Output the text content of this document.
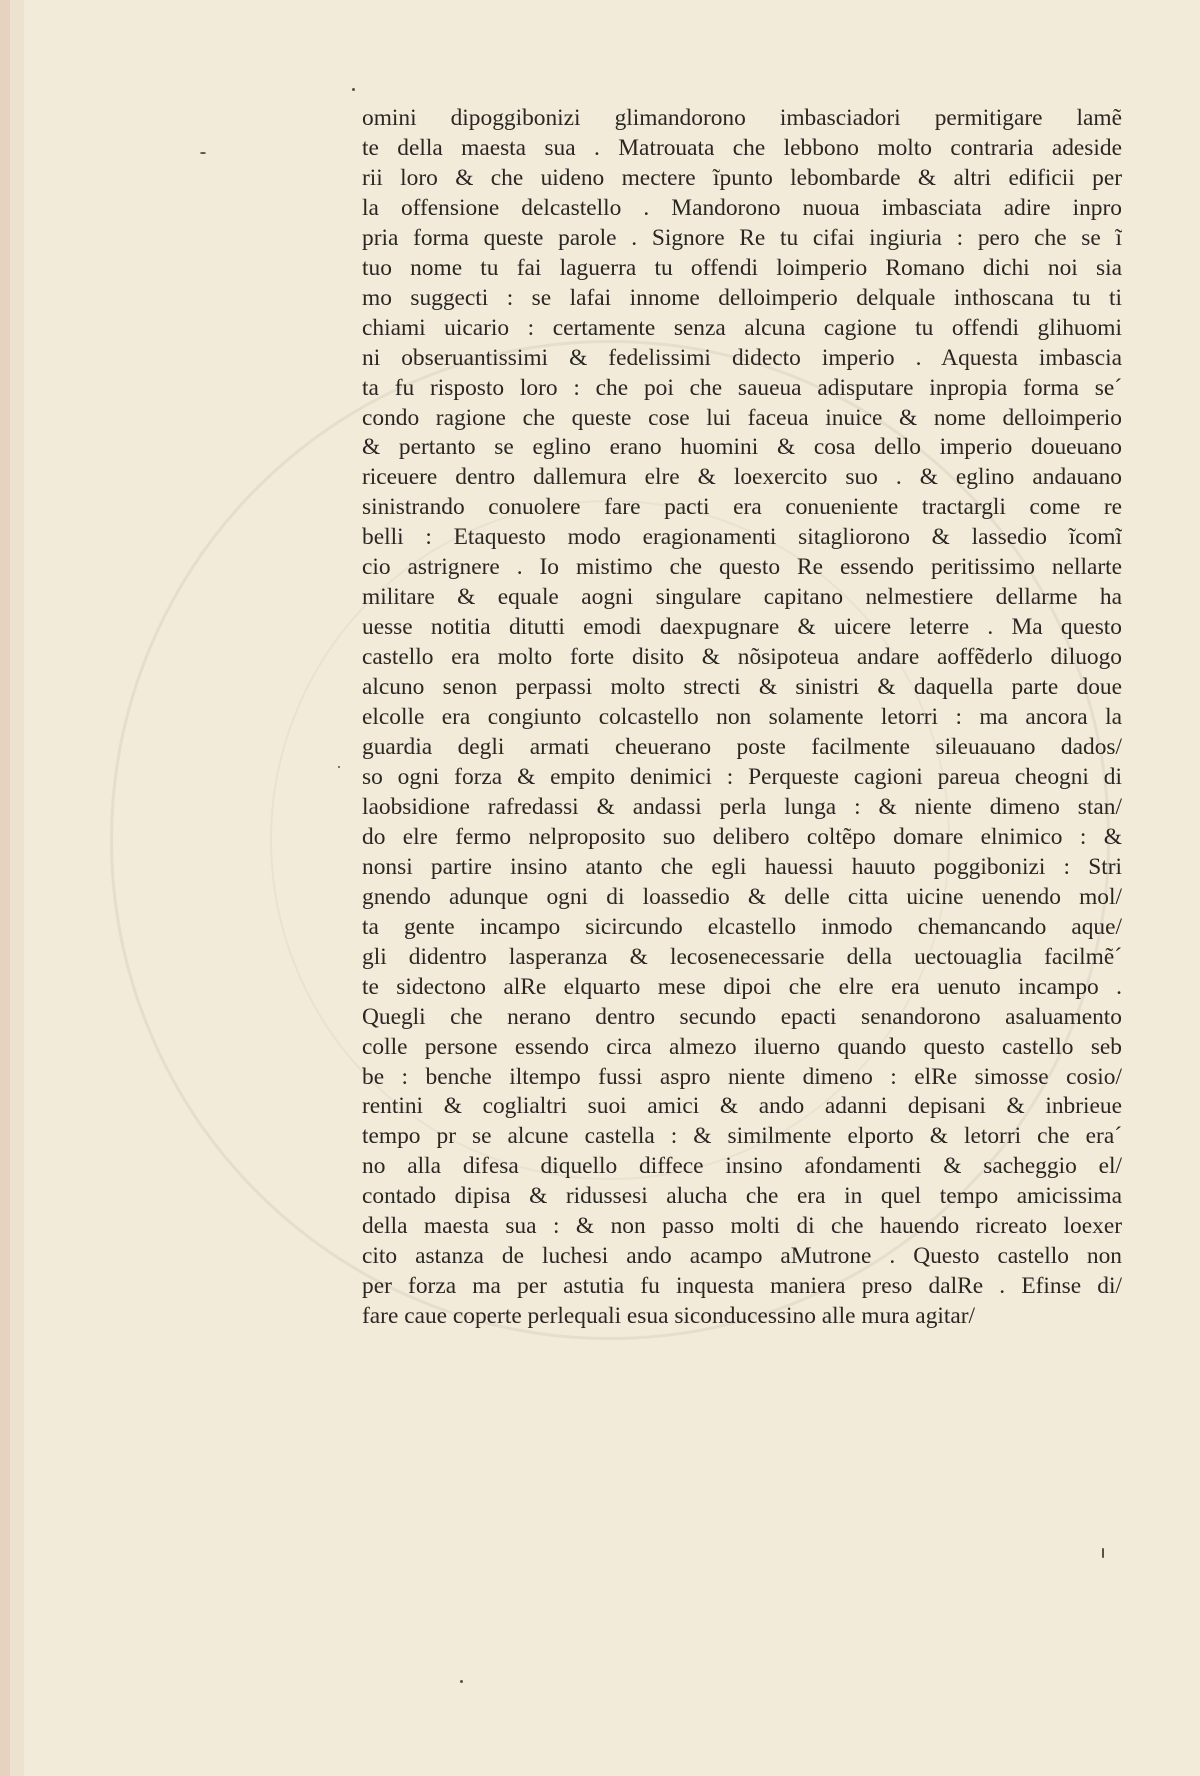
omini dipoggibonizi glimandorono imbasciadori permitigare lamẽ
te della maesta sua . Matrouata che lebbono molto contraria adeside
rii loro & che uideno mectere ĩpunto lebombarde & altri edificii per
la offensione delcastello . Mandorono nuoua imbasciata adire inpro
pria forma queste parole . Signore Re tu cifai ingiuria : pero che se ĩ
tuo nome tu fai laguerra tu offendi loimperio Romano dichi noi sia
mo suggecti : se lafai innome delloimperio delquale inthoscana tu ti
chiami uicario : certamente senza alcuna cagione tu offendi glihuomi
ni obseruantissimi & fedelissimi didecto imperio . Aquesta imbascia
ta fu risposto loro : che poi che saueua adisputare inpropia forma se´
condo ragione che queste cose lui faceua inuice & nome delloimperio
& pertanto se eglino erano huomini & cosa dello imperio doueuano
riceuere dentro dallemura elre & loexercito suo . & eglino andauano
sinistrando conuolere fare pacti era conueniente tractargli come re
belli : Etaquesto modo eragionamenti sitagliorono & lassedio ĩcomĩ
cio astrignere . Io mistimo che questo Re essendo peritissimo nellarte
militare & equale aogni singulare capitano nelmestiere dellarme ha
uesse notitia ditutti emodi daexpugnare & uicere leterre . Ma questo
castello era molto forte disito & nõsipoteua andare aoffẽderlo diluogo
alcuno senon perpassi molto strecti & sinistri & daquella parte doue
elcolle era congiunto colcastello non solamente letorri : ma ancora la
guardia degli armati cheuerano poste facilmente sileuauano dados/
so ogni forza & empito denimici : Perqueste cagioni pareua cheogni di
laobsidione rafredassi & andassi perla lunga : & niente dimeno stan/
do elre fermo nelproposito suo delibero coltẽpo domare elnimico : &
nonsi partire insino atanto che egli hauessi hauuto poggibonizi : Stri
gnendo adunque ogni di loassedio & delle citta uicine uenendo mol/
ta gente incampo sicircundo elcastello inmodo chemancando aque/
gli didentro lasperanza & lecosenecessarie della uectouaglia facilmẽ´
te sidectono alRe elquarto mese dipoi che elre era uenuto incampo .
Quegli che nerano dentro secundo epacti senandorono asaluamento
colle persone essendo circa almezo iluerno quando questo castello seb
be : benche iltempo fussi aspro niente dimeno : elRe simosse cosio/
rentini & coglialtri suoi amici & ando adanni depisani & inbrieue
tempo pr se alcune castella : & similmente elporto & letorri che era´
no alla difesa diquello diffece insino afondamenti & sacheggio el/
contado dipisa & ridussesi alucha che era in quel tempo amicissima
della maesta sua : & non passo molti di che hauendo ricreato loexer
cito astanza de luchesi ando acampo aMutrone . Questo castello non
per forza ma per astutia fu inquesta maniera preso dalRe . Efinse di/
fare caue coperte perlequali esua siconducessino alle mura agitar/
